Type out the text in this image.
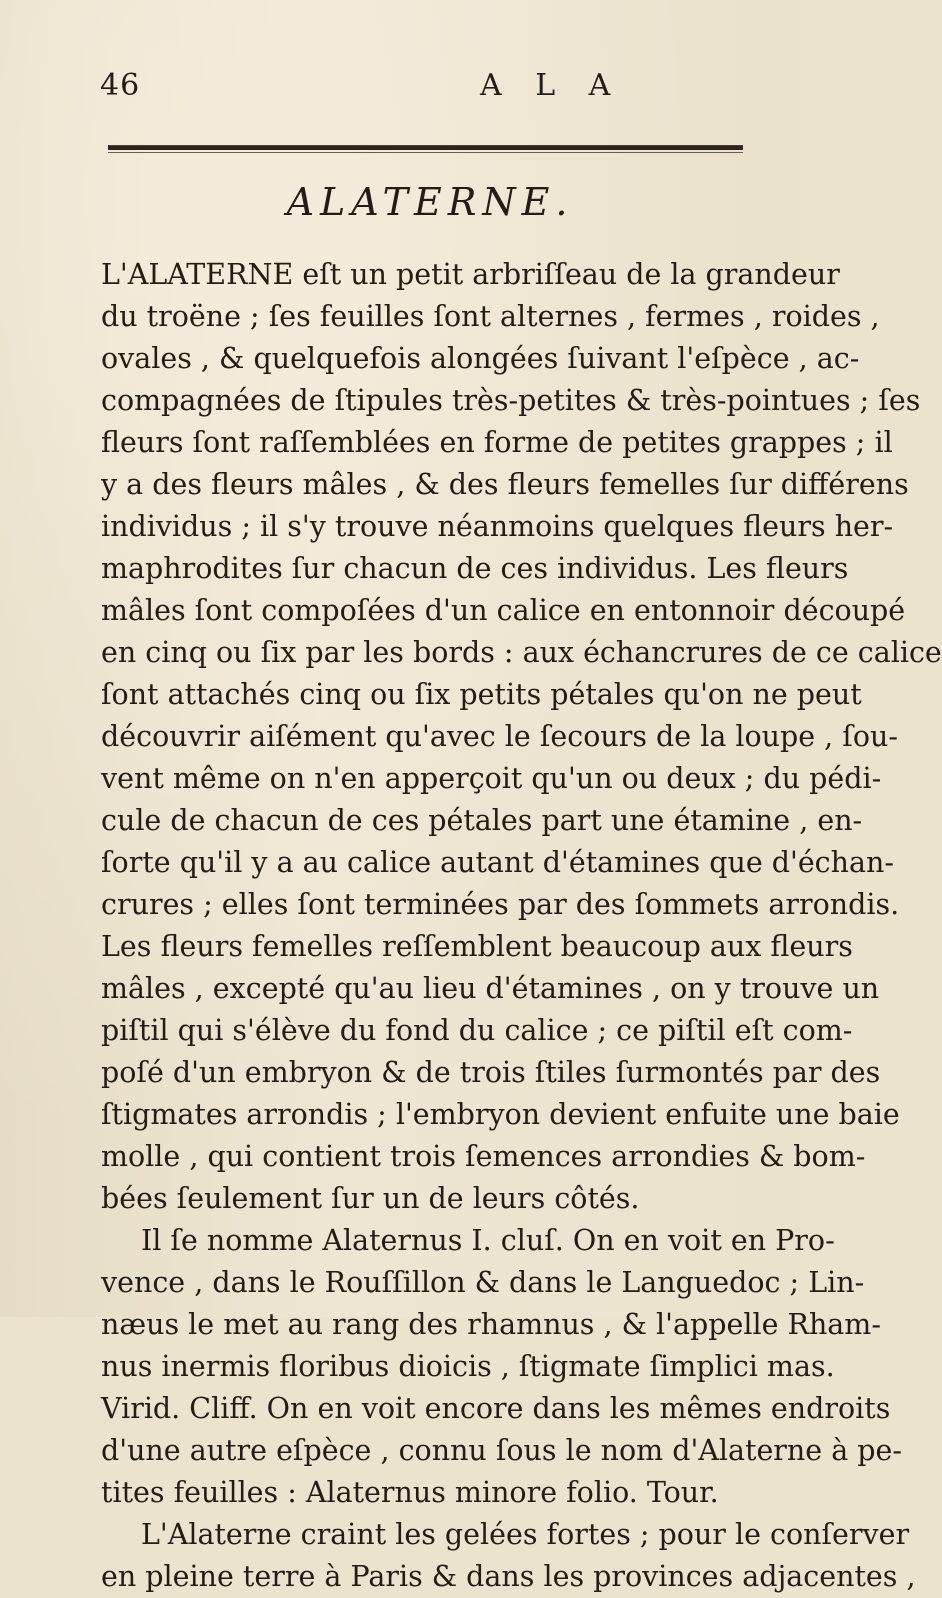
46	A L A
ALATERNE.
L'ALATERNE eſt un petit arbriſſeau de la grandeur
du troëne ; ſes feuilles ſont alternes , fermes , roides ,
ovales , & quelquefois alongées ſuivant l'eſpèce , ac-
compagnées de ſtipules très-petites & très-pointues ; ſes
fleurs ſont raſſemblées en forme de petites grappes ; il
y a des fleurs mâles , & des fleurs femelles ſur différens
individus ; il s'y trouve néanmoins quelques fleurs her-
maphrodites ſur chacun de ces individus. Les fleurs
mâles ſont compoſées d'un calice en entonnoir découpé
en cinq ou ſix par les bords : aux échancrures de ce calice
ſont attachés cinq ou ſix petits pétales qu'on ne peut
découvrir aiſément qu'avec le ſecours de la loupe , ſou-
vent même on n'en apperçoit qu'un ou deux ; du pédi-
cule de chacun de ces pétales part une étamine , en-
ſorte qu'il y a au calice autant d'étamines que d'échan-
crures ; elles ſont terminées par des ſommets arrondis.
Les fleurs femelles reſſemblent beaucoup aux fleurs
mâles , excepté qu'au lieu d'étamines , on y trouve un
piſtil qui s'élève du fond du calice ; ce piſtil eſt com-
poſé d'un embryon & de trois ſtiles ſurmontés par des
ſtigmates arrondis ; l'embryon devient enfuite une baie
molle , qui contient trois ſemences arrondies & bom-
bées ſeulement ſur un de leurs côtés.
Il ſe nomme Alaternus I. cluſ. On en voit en Pro-
vence , dans le Rouſſillon & dans le Languedoc ; Lin-
næus le met au rang des rhamnus , & l'appelle Rham-
nus inermis floribus dioicis , ſtigmate ſimplici mas.
Virid. Cliff. On en voit encore dans les mêmes endroits
d'une autre eſpèce , connu ſous le nom d'Alaterne à pe-
tites feuilles : Alaternus minore folio. Tour.
L'Alaterne craint les gelées fortes ; pour le conſerver
en pleine terre à Paris & dans les provinces adjacentes ,
